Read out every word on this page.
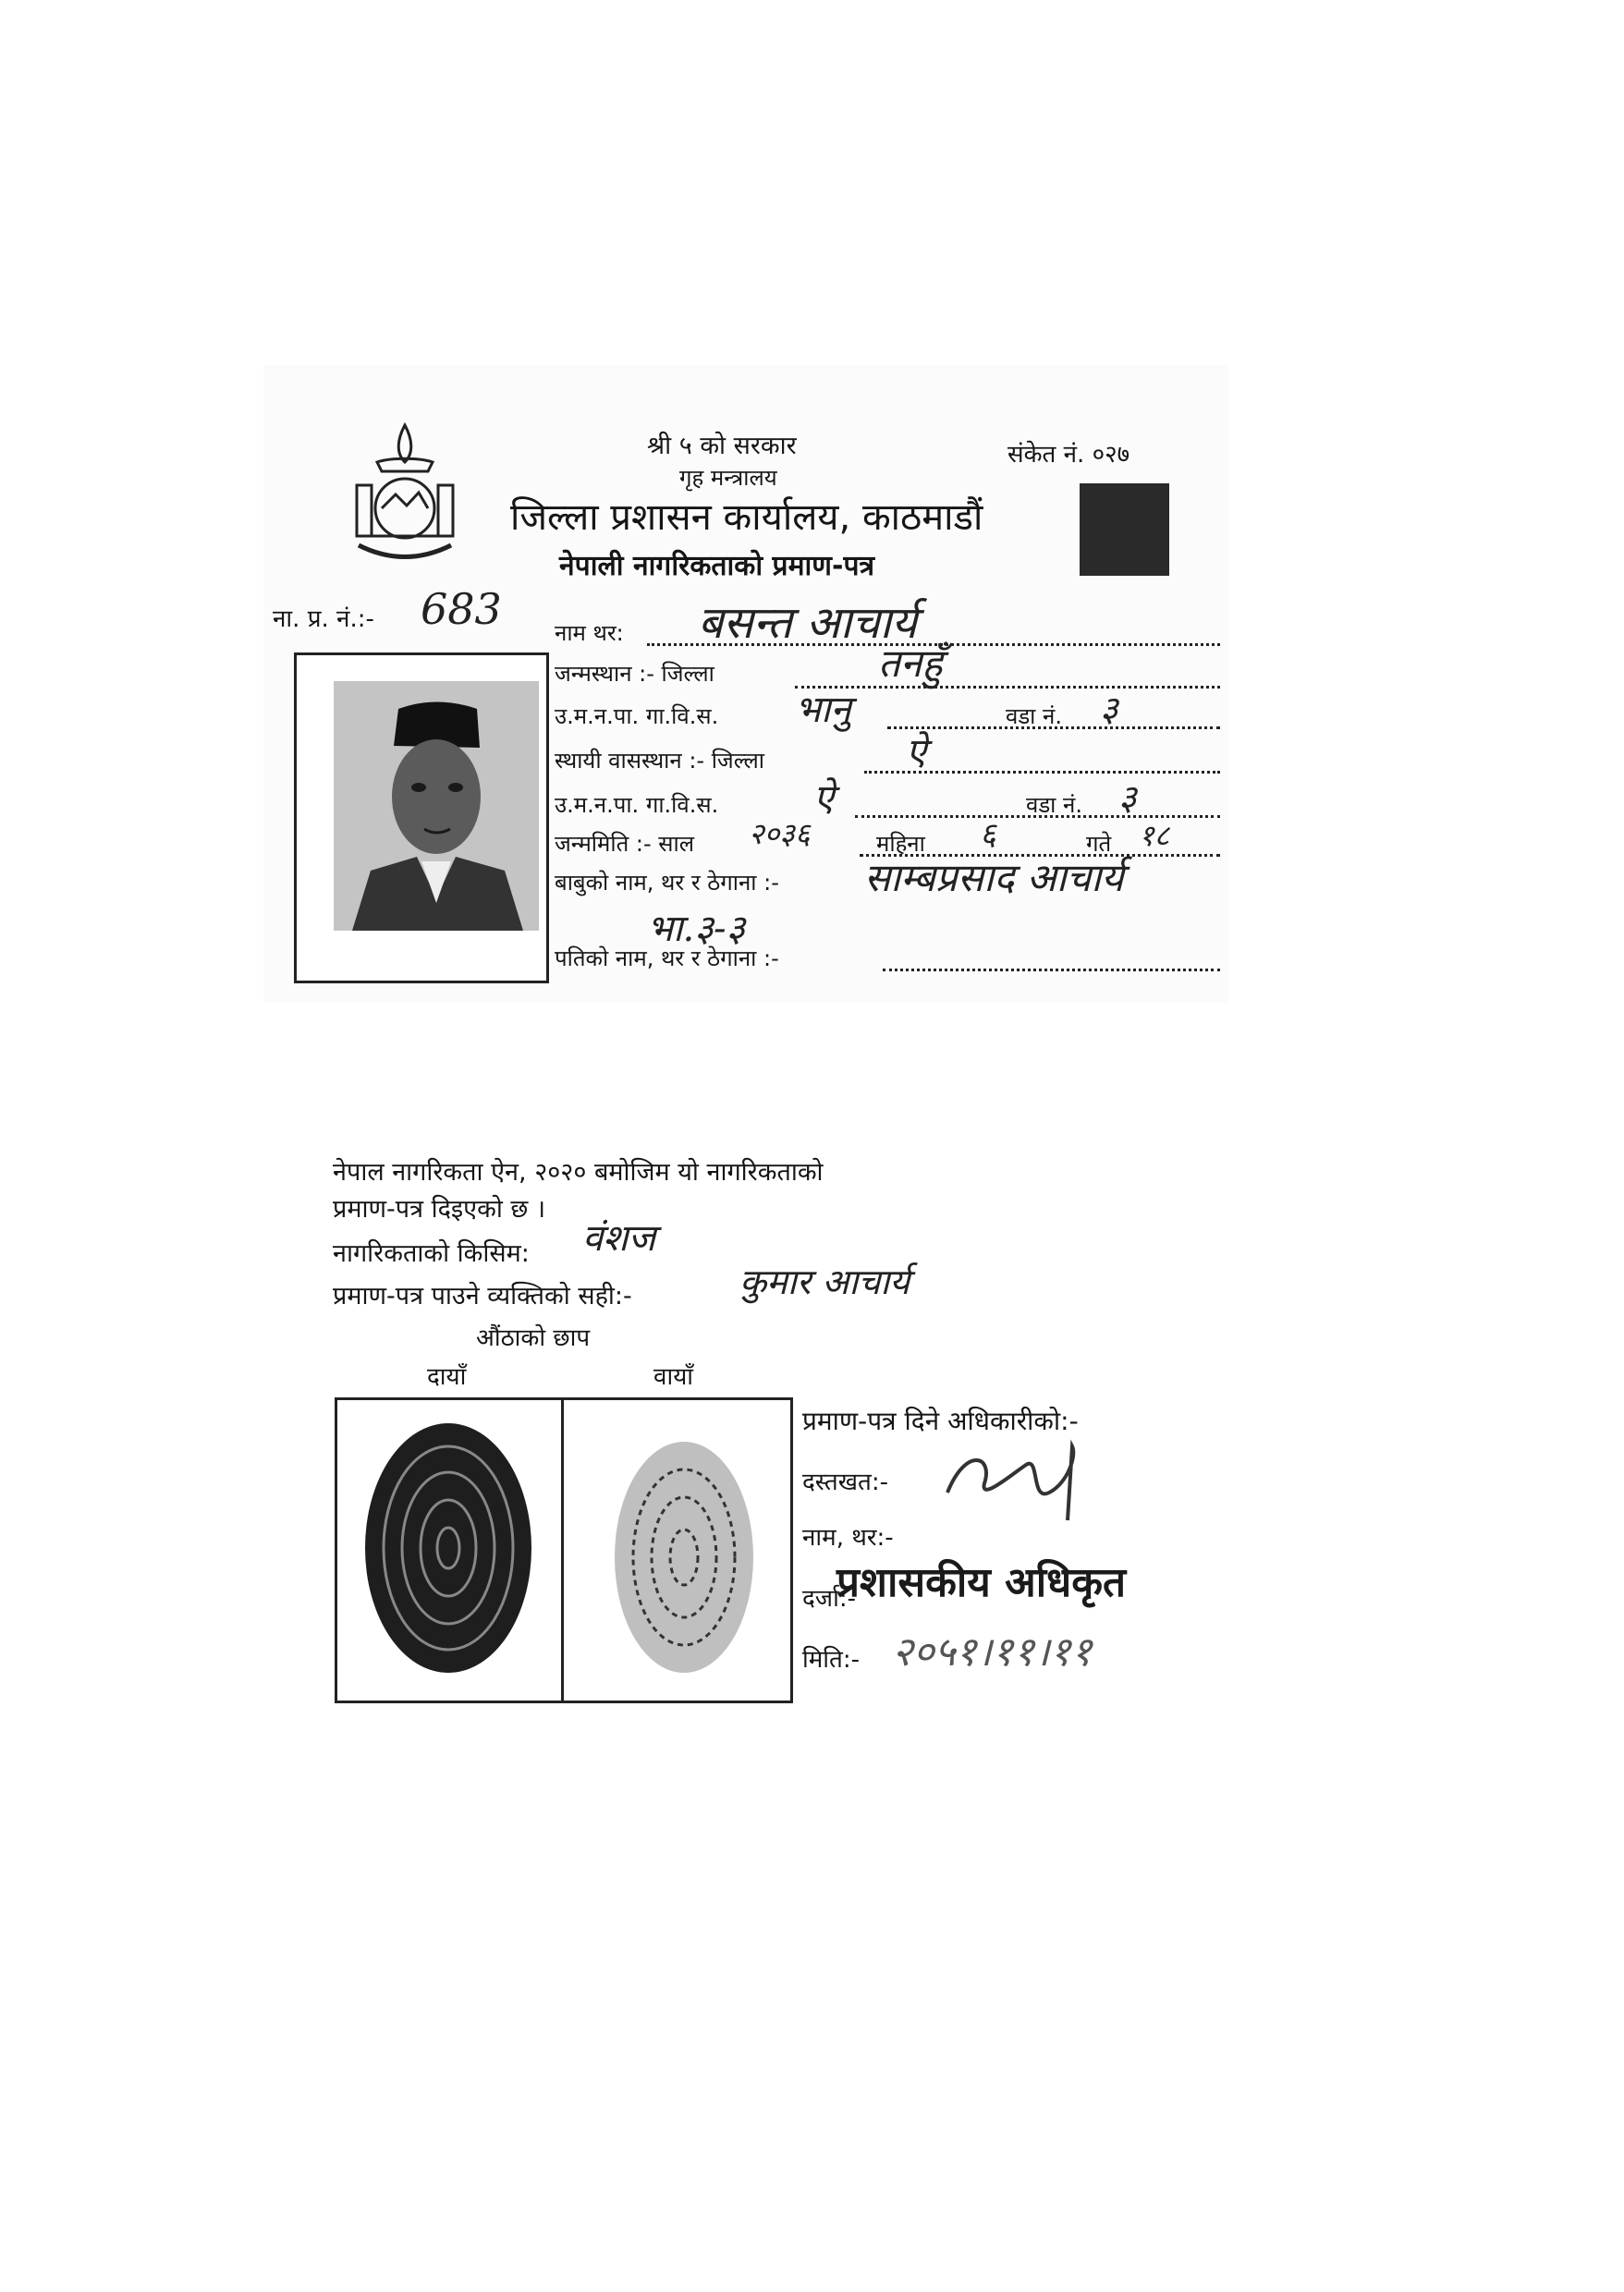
श्री ५ को सरकार
गृह मन्त्रालय
संकेत नं. ०२७
जिल्ला प्रशासन कार्यालय, काठमाडौं
नेपाली नागरिकताको प्रमाण-पत्र
ना. प्र. नं.:- 683 नाम थर: बसन्त आचार्य
जन्मस्थान :- जिल्ला	तनहुँ
उ.म.न.पा. गा.वि.स. भानु	वडा नं. ३
स्थायी वासस्थान :- जिल्ला	ऐ
उ.म.न.पा. गा.वि.स.	ऐ	वडा नं. ३
जन्ममिति :- साल २०३६	महिना ६	गते १८
बाबुको नाम, थर र ठेगाना :- साम्बप्रसाद आचार्य
भा.३-३
पतिको नाम, थर र ठेगाना :-
नेपाल नागरिकता ऐन, २०२० बमोजिम यो नागरिकताको
प्रमाण-पत्र दिइएको छ ।
नागरिकताको किसिम: वंशज
प्रमाण-पत्र पाउने व्यक्तिको सही:-	कुमार आचार्य
औंठाको छाप
दायाँ	वायाँ
प्रमाण-पत्र दिने अधिकारीको:-
दस्तखत:-
नाम, थर:-
दर्जा:-
प्रशासकीय अधिकृत
मिति:- २०५१।११।११
